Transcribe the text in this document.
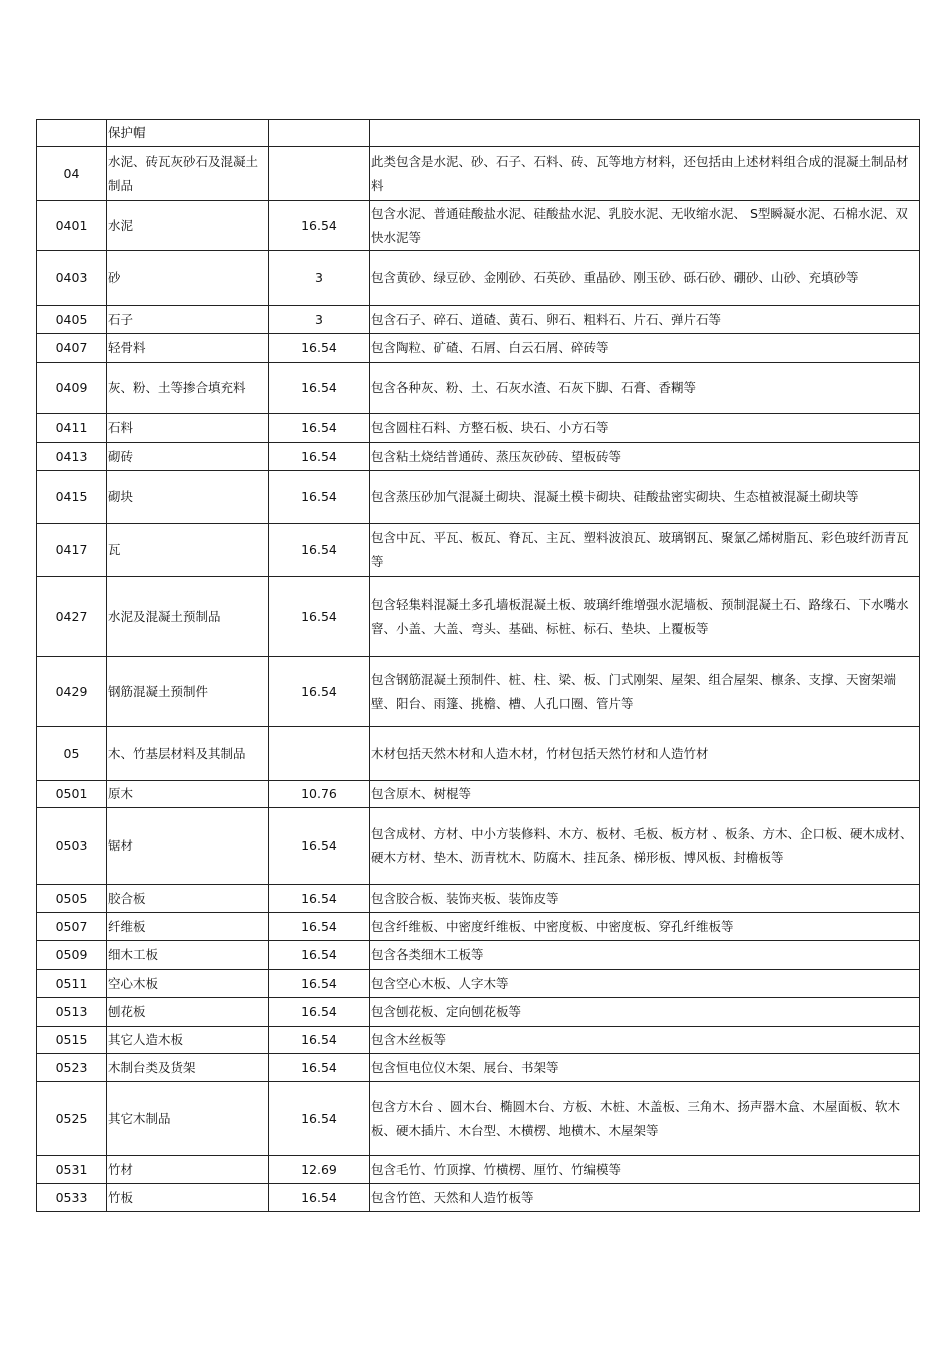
	保护帽		
04	水泥、砖瓦灰砂石及混凝土制品		此类包含是水泥、砂、石子、石料、砖、瓦等地方材料，还包括由上述材料组合成的混凝土制品材料
0401	水泥	16.54	包含水泥、普通硅酸盐水泥、硅酸盐水泥、乳胶水泥、无收缩水泥、 S型瞬凝水泥、石棉水泥、双快水泥等
0403	砂	3	包含黄砂、绿豆砂、金刚砂、石英砂、重晶砂、刚玉砂、砾石砂、硼砂、山砂、充填砂等
0405	石子	3	包含石子、碎石、道碴、黄石、卵石、粗料石、片石、弹片石等
0407	轻骨料	16.54	包含陶粒、矿碴、石屑、白云石屑、碎砖等
0409	灰、粉、土等掺合填充料	16.54	包含各种灰、粉、土、石灰水渣、石灰下脚、石膏、香糊等
0411	石料	16.54	包含圆柱石料、方整石板、块石、小方石等
0413	砌砖	16.54	包含粘土烧结普通砖、蒸压灰砂砖、望板砖等
0415	砌块	16.54	包含蒸压砂加气混凝土砌块、混凝土模卡砌块、硅酸盐密实砌块、生态植被混凝土砌块等
0417	瓦	16.54	包含中瓦、平瓦、板瓦、脊瓦、主瓦、塑料波浪瓦、玻璃钢瓦、聚氯乙烯树脂瓦、彩色玻纤沥青瓦等
0427	水泥及混凝土预制品	16.54	包含轻集料混凝土多孔墙板混凝土板、玻璃纤维增强水泥墙板、预制混凝土石、路缘石、下水嘴水窨、小盖、大盖、弯头、基础、标桩、标石、垫块、上覆板等
0429	钢筋混凝土预制件	16.54	包含钢筋混凝土预制件、桩、柱、梁、板、门式刚架、屋架、组合屋架、檩条、支撑、天窗架端壁、阳台、雨篷、挑檐、槽、人孔口圈、管片等
05	木、竹基层材料及其制品		木材包括天然木材和人造木材，竹材包括天然竹材和人造竹材
0501	原木	10.76	包含原木、树棍等
0503	锯材	16.54	包含成材、方材、中小方装修料、木方、板材、毛板、板方材 、板条、方木、企口板、硬木成材、硬木方材、垫木、沥青枕木、防腐木、挂瓦条、梯形板、博风板、封檐板等
0505	胶合板	16.54	包含胶合板、装饰夹板、装饰皮等
0507	纤维板	16.54	包含纤维板、中密度纤维板、中密度板、中密度板、穿孔纤维板等
0509	细木工板	16.54	包含各类细木工板等
0511	空心木板	16.54	包含空心木板、人字木等
0513	刨花板	16.54	包含刨花板、定向刨花板等
0515	其它人造木板	16.54	包含木丝板等
0523	木制台类及货架	16.54	包含恒电位仪木架、展台、书架等
0525	其它木制品	16.54	包含方木台 、圆木台、椭圆木台、方板、木桩、木盖板、三角木、扬声器木盒、木屋面板、软木板、硬木插片、木台型、木横楞、地横木、木屋架等
0531	竹材	12.69	包含毛竹、竹顶撑、竹横楞、厘竹、竹编模等
0533	竹板	16.54	包含竹笆、天然和人造竹板等
